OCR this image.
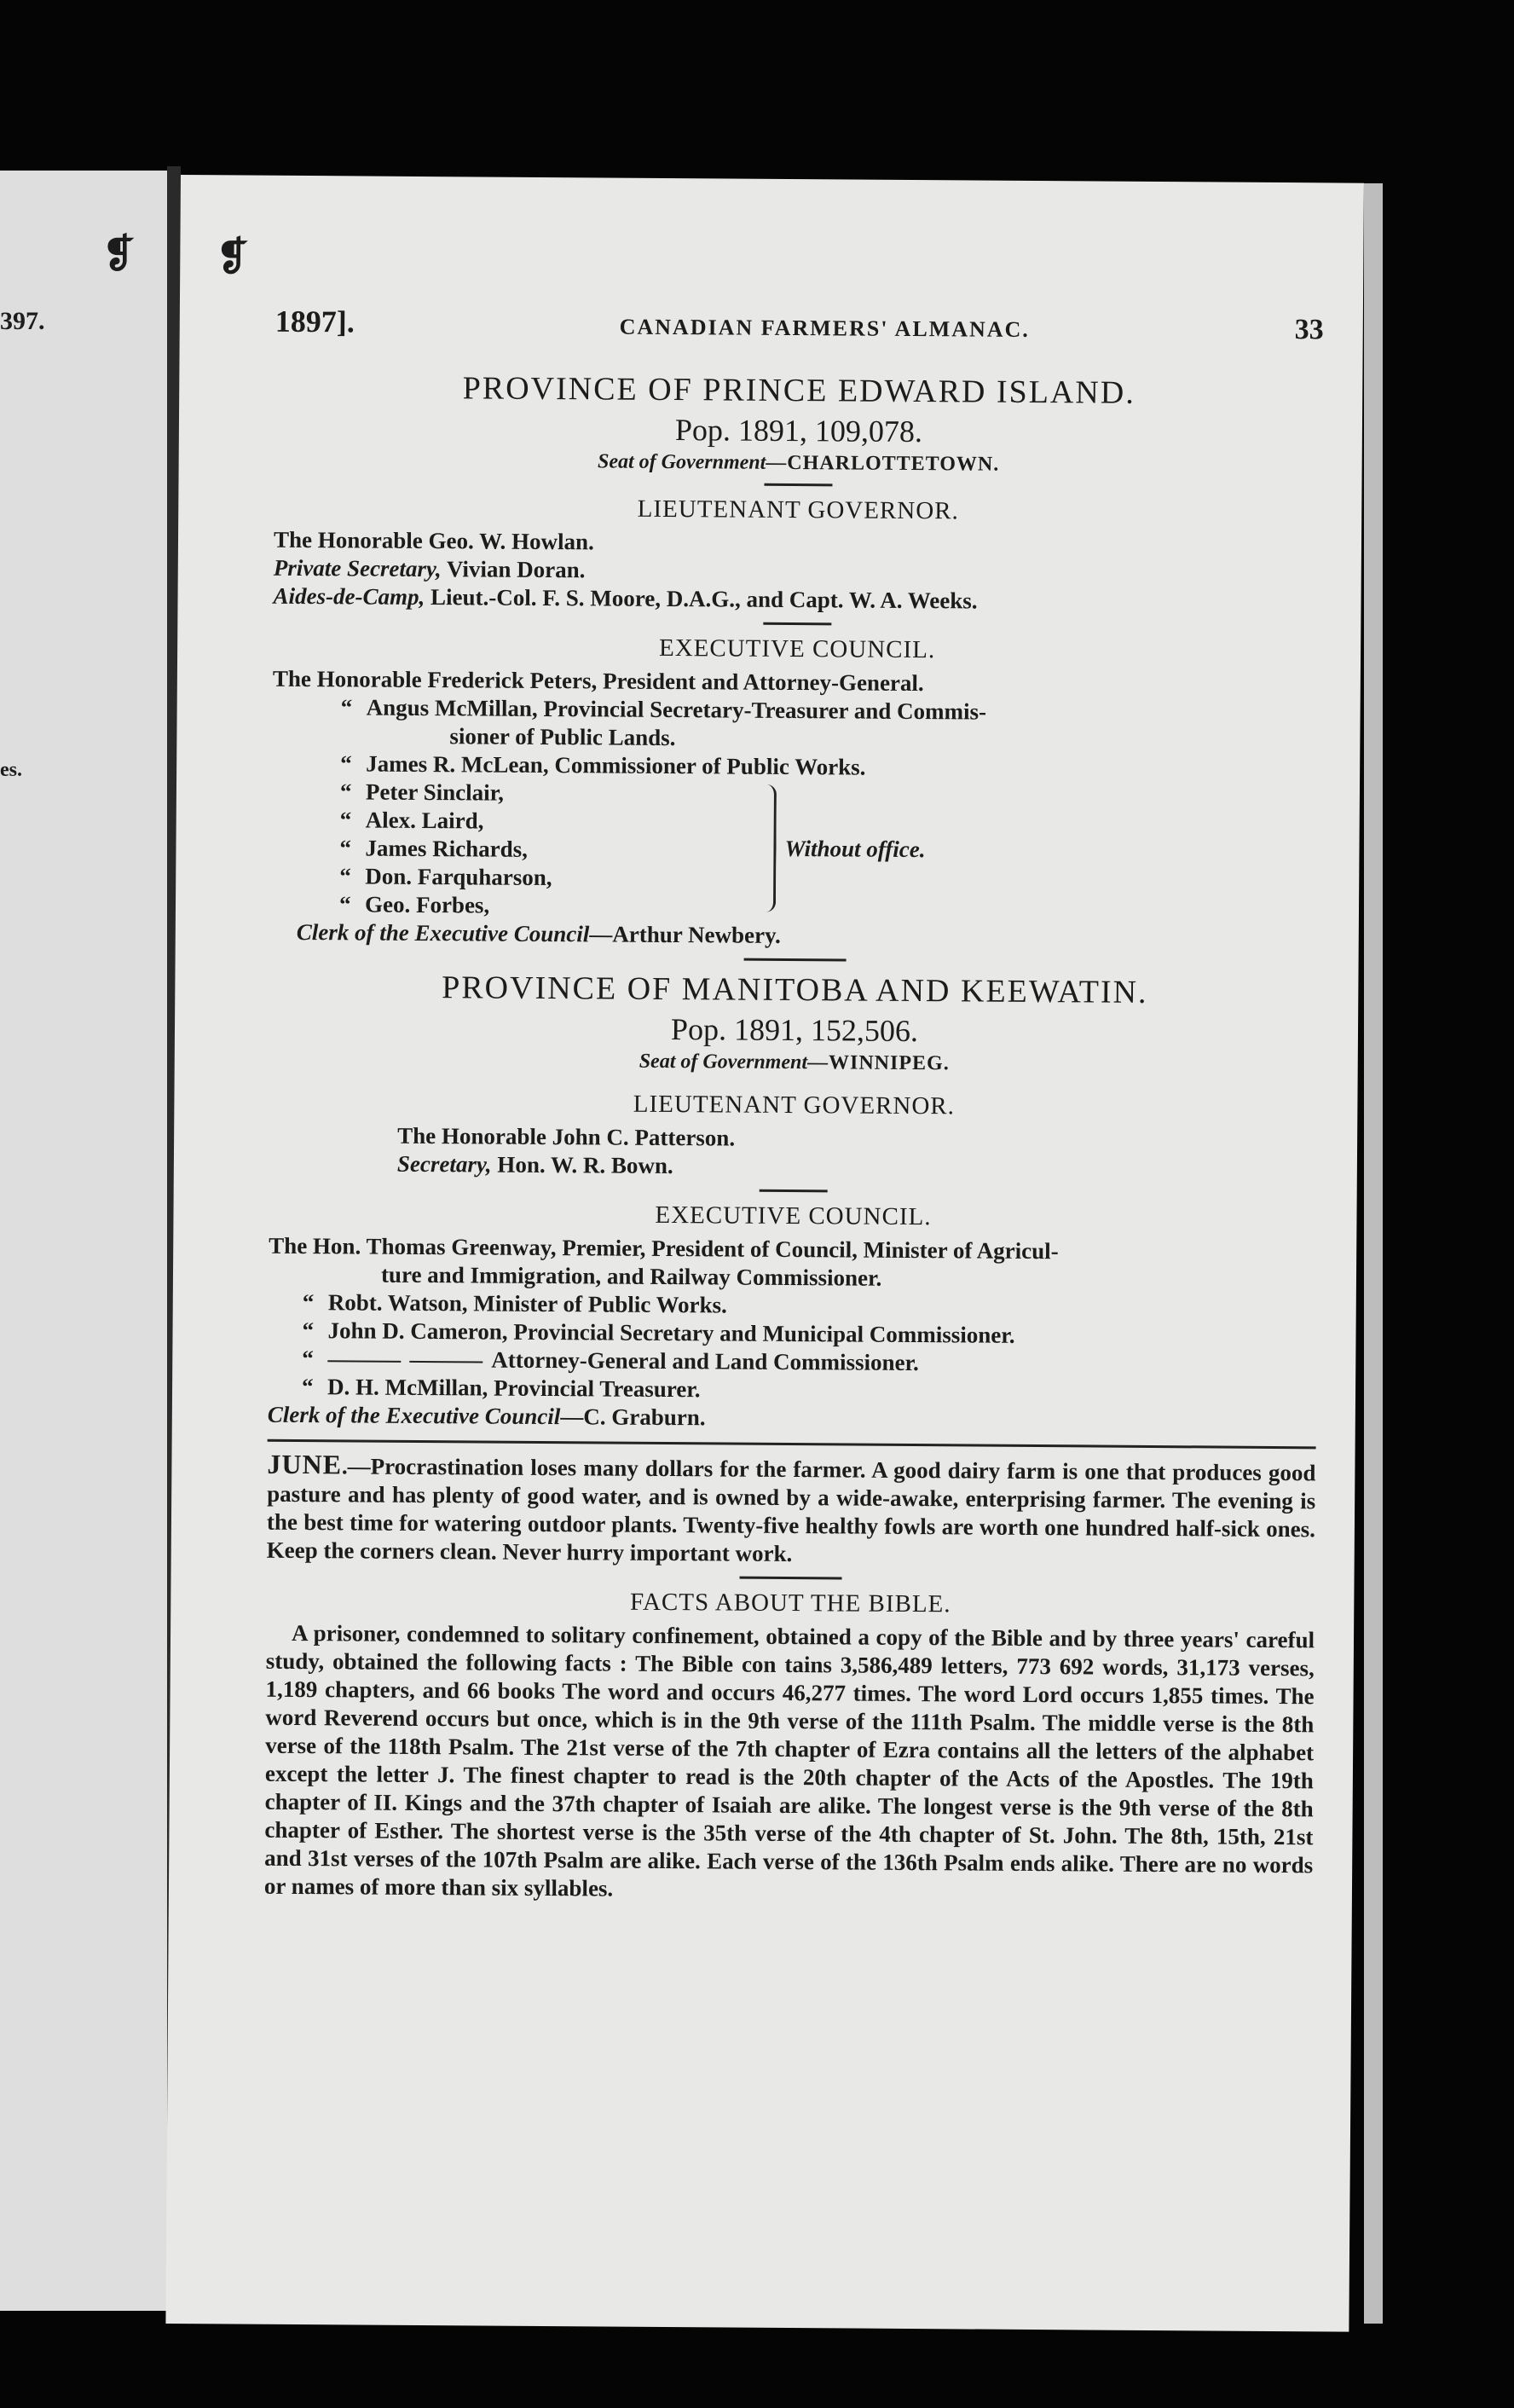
397.
es.
❡ ❡
1897].	CANADIAN FARMERS' ALMANAC.	33
PROVINCE OF PRINCE EDWARD ISLAND.
Pop. 1891, 109,078.
Seat of Government—CHARLOTTETOWN.
LIEUTENANT GOVERNOR.
The Honorable Geo. W. Howlan.
Private Secretary, Vivian Doran.
Aides-de-Camp, Lieut.-Col. F. S. Moore, D.A.G., and Capt. W. A. Weeks.
EXECUTIVE COUNCIL.
The Honorable Frederick Peters, President and Attorney-General.
“ Angus McMillan, Provincial Secretary-Treasurer and Commis-
sioner of Public Lands.
“ James R. McLean, Commissioner of Public Works.
“ Peter Sinclair,
“ Alex. Laird,
“ James Richards,
“ Don. Farquharson,
“ Geo. Forbes,
Without office.
Clerk of the Executive Council—Arthur Newbery.
PROVINCE OF MANITOBA AND KEEWATIN.
Pop. 1891, 152,506.
Seat of Government—WINNIPEG.
LIEUTENANT GOVERNOR.
The Honorable John C. Patterson.
Secretary, Hon. W. R. Bown.
EXECUTIVE COUNCIL.
The Hon. Thomas Greenway, Premier, President of Council, Minister of Agricul-
ture and Immigration, and Railway Commissioner.
“ Robt. Watson, Minister of Public Works.
“ John D. Cameron, Provincial Secretary and Municipal Commissioner.
“	Attorney-General and Land Commissioner.
“ D. H. McMillan, Provincial Treasurer.
Clerk of the Executive Council—C. Graburn.
JUNE.—Procrastination loses many dollars for the farmer. A good dairy farm is one that produces good pasture and has plenty of good water, and is owned by a wide-awake, enterprising farmer. The evening is the best time for watering outdoor plants. Twenty-five healthy fowls are worth one hundred half-sick ones. Keep the corners clean. Never hurry important work.
FACTS ABOUT THE BIBLE.
A prisoner, condemned to solitary confinement, obtained a copy of the Bible and by three years' careful study, obtained the following facts : The Bible con tains 3,586,489 letters, 773 692 words, 31,173 verses, 1,189 chapters, and 66 books The word and occurs 46,277 times. The word Lord occurs 1,855 times. The word Reverend occurs but once, which is in the 9th verse of the 111th Psalm. The middle verse is the 8th verse of the 118th Psalm. The 21st verse of the 7th chapter of Ezra contains all the letters of the alphabet except the letter J. The finest chapter to read is the 20th chapter of the Acts of the Apostles. The 19th chapter of II. Kings and the 37th chapter of Isaiah are alike. The longest verse is the 9th verse of the 8th chapter of Esther. The shortest verse is the 35th verse of the 4th chapter of St. John. The 8th, 15th, 21st and 31st verses of the 107th Psalm are alike. Each verse of the 136th Psalm ends alike. There are no words or names of more than six syllables.
